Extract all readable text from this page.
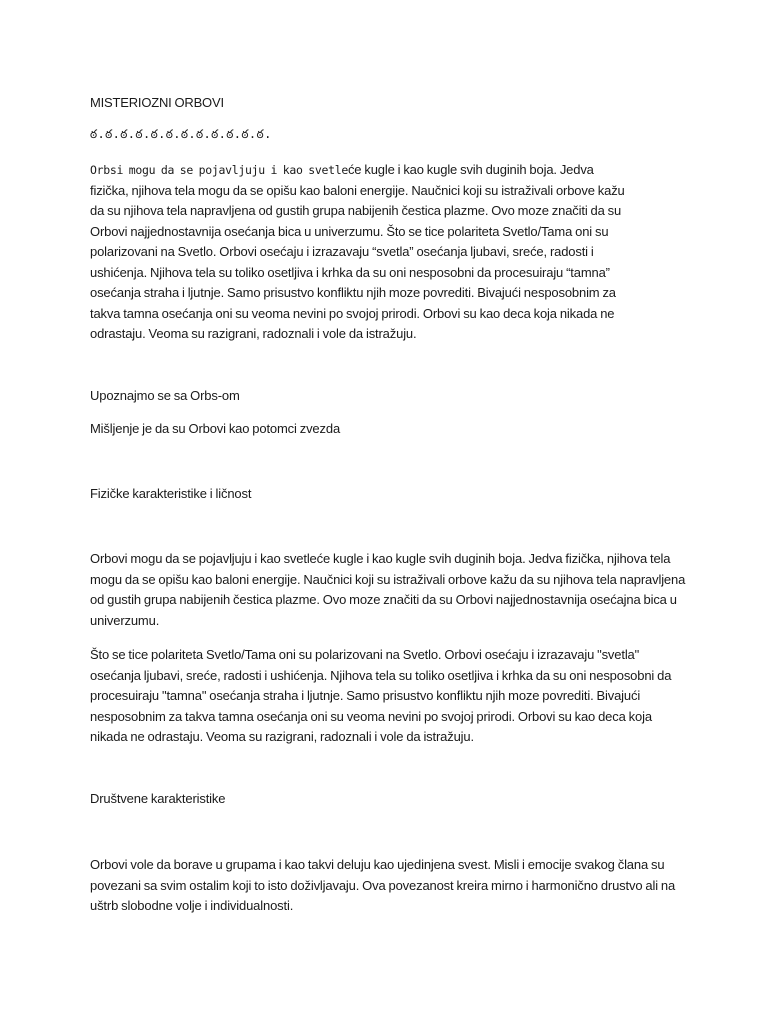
MISTERIOZNI ORBOVI

ఠ.ఠ.ఠ.ఠ.ఠ.ఠ.ఠ.ఠ.ఠ.ఠ.ఠ.ఠ.

Orbsi mogu da se pojavljuju i kao svetleće kugle i kao kugle svih duginih boja. Jedva fizička, njihova tela mogu da se opišu kao baloni energije. Naučnici koji su istraživali orbove kažu da su njihova tela napravljena od gustih grupa nabijenih čestica plazme. Ovo moze značiti da su Orbovi najjednostavnija osećanja bica u univerzumu. Što se tice polariteta Svetlo/Tama oni su polarizovani na Svetlo. Orbovi osećaju i izrazavaju “svetla” osećanja ljubavi, sreće, radosti i ushićenja. Njihova tela su toliko osetljiva i krhka da su oni nesposobni da procesuiraju “tamna” osećanja straha i ljutnje. Samo prisustvo konfliktu njih moze povrediti. Bivajući nesposobnim za takva tamna osećanja oni su veoma nevini po svojoj prirodi. Orbovi su kao deca koja nikada ne odrastaju. Veoma su razigrani, radoznali i vole da istražuju.

Upoznajmo se sa Orbs-om

Mišljenje je da su Orbovi kao potomci zvezda

Fizičke karakteristike i ličnost

Orbovi mogu da se pojavljuju i kao svetleće kugle i kao kugle svih duginih boja. Jedva fizička, njihova tela mogu da se opišu kao baloni energije. Naučnici koji su istraživali orbove kažu da su njihova tela napravljena od gustih grupa nabijenih čestica plazme. Ovo moze značiti da su Orbovi najjednostavnija osećajna bica u univerzumu.

Što se tice polariteta Svetlo/Tama oni su polarizovani na Svetlo. Orbovi osećaju i izrazavaju "svetla" osećanja ljubavi, sreće, radosti i ushićenja. Njihova tela su toliko osetljiva i krhka da su oni nesposobni da procesuiraju "tamna" osećanja straha i ljutnje. Samo prisustvo konfliktu njih moze povrediti. Bivajući nesposobnim za takva tamna osećanja oni su veoma nevini po svojoj prirodi. Orbovi su kao deca koja nikada ne odrastaju. Veoma su razigrani, radoznali i vole da istražuju.

Društvene karakteristike

Orbovi vole da borave u grupama i kao takvi deluju kao ujedinjena svest. Misli i emocije svakog člana su povezani sa svim ostalim koji to isto doživljavaju. Ova povezanost kreira mirno i harmonično drustvo ali na uštrb slobodne volje i individualnosti.
